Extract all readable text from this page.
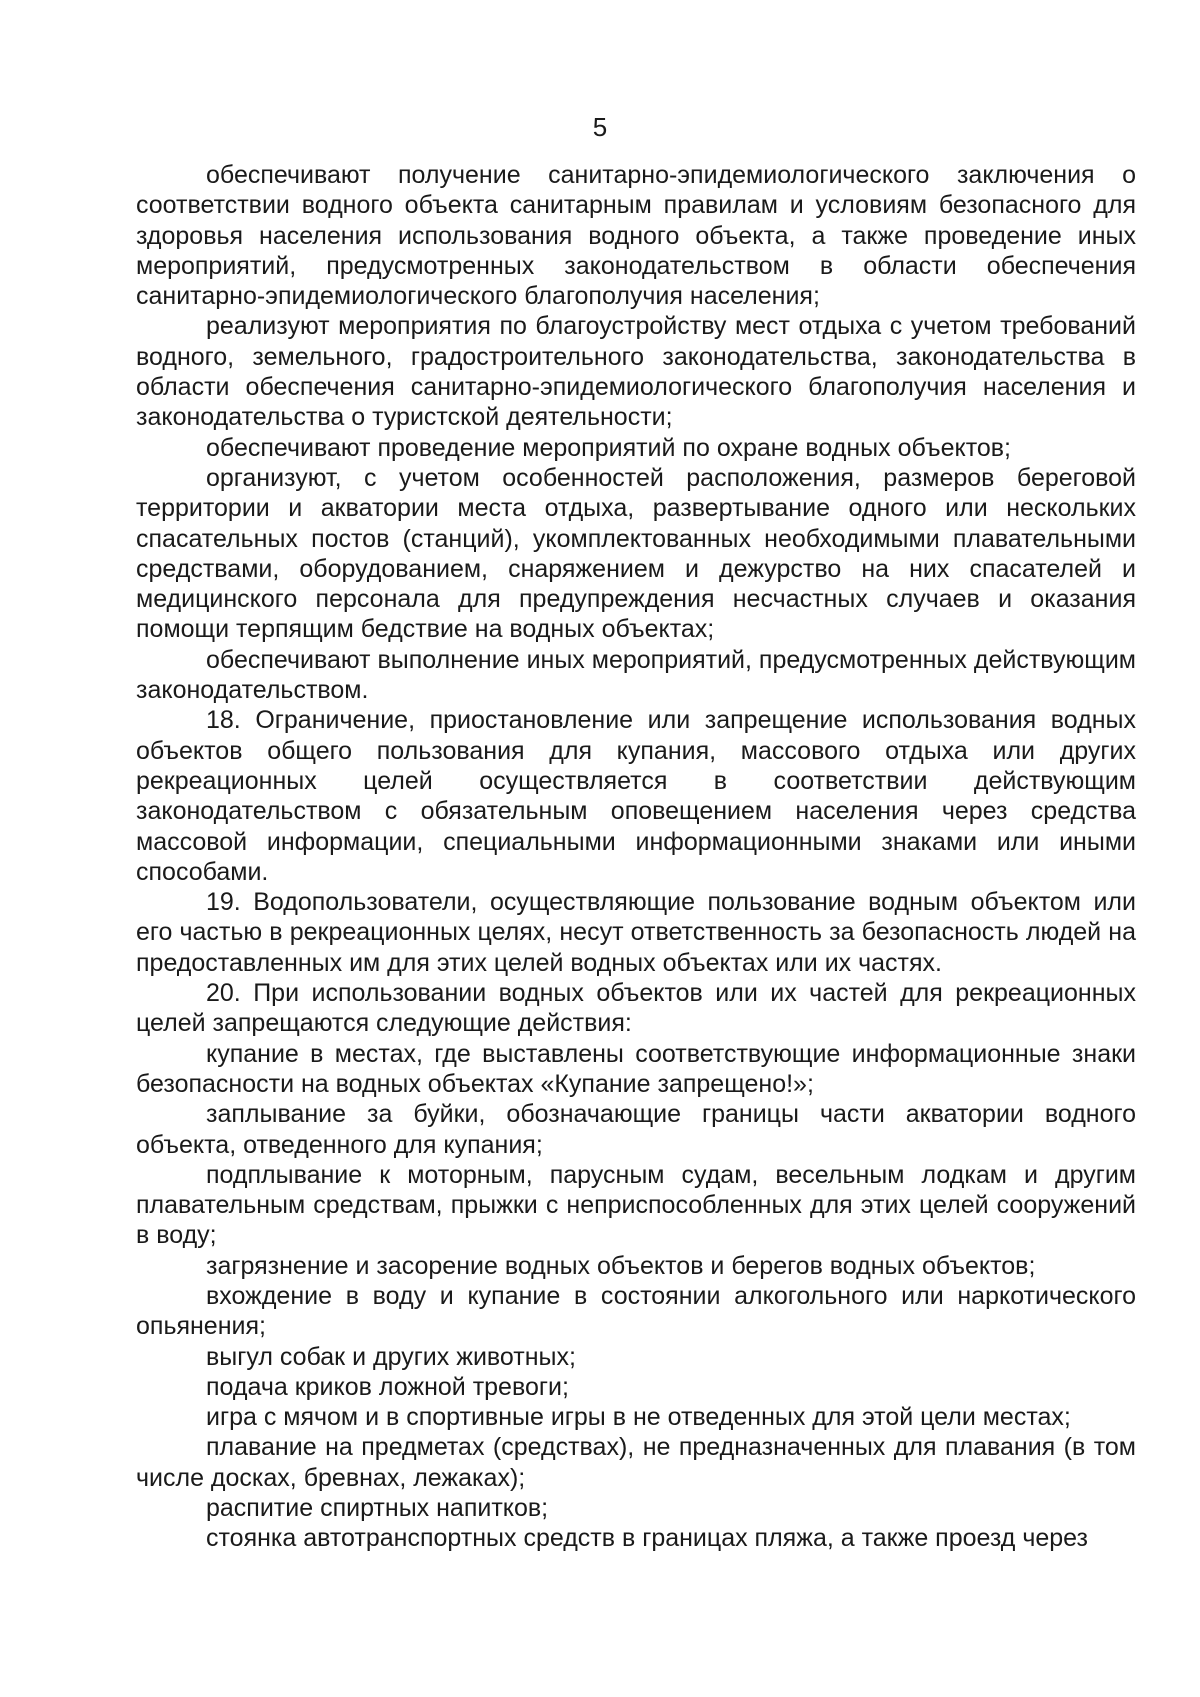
5

обеспечивают получение санитарно-эпидемиологического заключения о соответствии водного объекта санитарным правилам и условиям безопасного для здоровья населения использования водного объекта, а также проведение иных мероприятий, предусмотренных законодательством в области обеспечения санитарно-эпидемиологического благополучия населения;

реализуют мероприятия по благоустройству мест отдыха с учетом требований водного, земельного, градостроительного законодательства, законодательства в области обеспечения санитарно-эпидемиологического благополучия населения и законодательства о туристской деятельности;

обеспечивают проведение мероприятий по охране водных объектов;

организуют, с учетом особенностей расположения, размеров береговой территории и акватории места отдыха, развертывание одного или нескольких спасательных постов (станций), укомплектованных необходимыми плавательными средствами, оборудованием, снаряжением и дежурство на них спасателей и медицинского персонала для предупреждения несчастных случаев и оказания помощи терпящим бедствие на водных объектах;

обеспечивают выполнение иных мероприятий, предусмотренных действующим законодательством.

18. Ограничение, приостановление или запрещение использования водных объектов общего пользования для купания, массового отдыха или других рекреационных целей осуществляется в соответствии действующим законодательством с обязательным оповещением населения через средства массовой информации, специальными информационными знаками или иными способами.

19. Водопользователи, осуществляющие пользование водным объектом или его частью в рекреационных целях, несут ответственность за безопасность людей на предоставленных им для этих целей водных объектах или их частях.

20. При использовании водных объектов или их частей для рекреационных целей запрещаются следующие действия:

купание в местах, где выставлены соответствующие информационные знаки безопасности на водных объектах «Купание запрещено!»;

заплывание за буйки, обозначающие границы части акватории водного объекта, отведенного для купания;

подплывание к моторным, парусным судам, весельным лодкам и другим плавательным средствам, прыжки с неприспособленных для этих целей сооружений в воду;

загрязнение и засорение водных объектов и берегов водных объектов;

вхождение в воду и купание в состоянии алкогольного или наркотического опьянения;

выгул собак и других животных;

подача криков ложной тревоги;

игра с мячом и в спортивные игры в не отведенных для этой цели местах;

плавание на предметах (средствах), не предназначенных для плавания (в том числе досках, бревнах, лежаках);

распитие спиртных напитков;

стоянка автотранспортных средств в границах пляжа, а также проезд через
